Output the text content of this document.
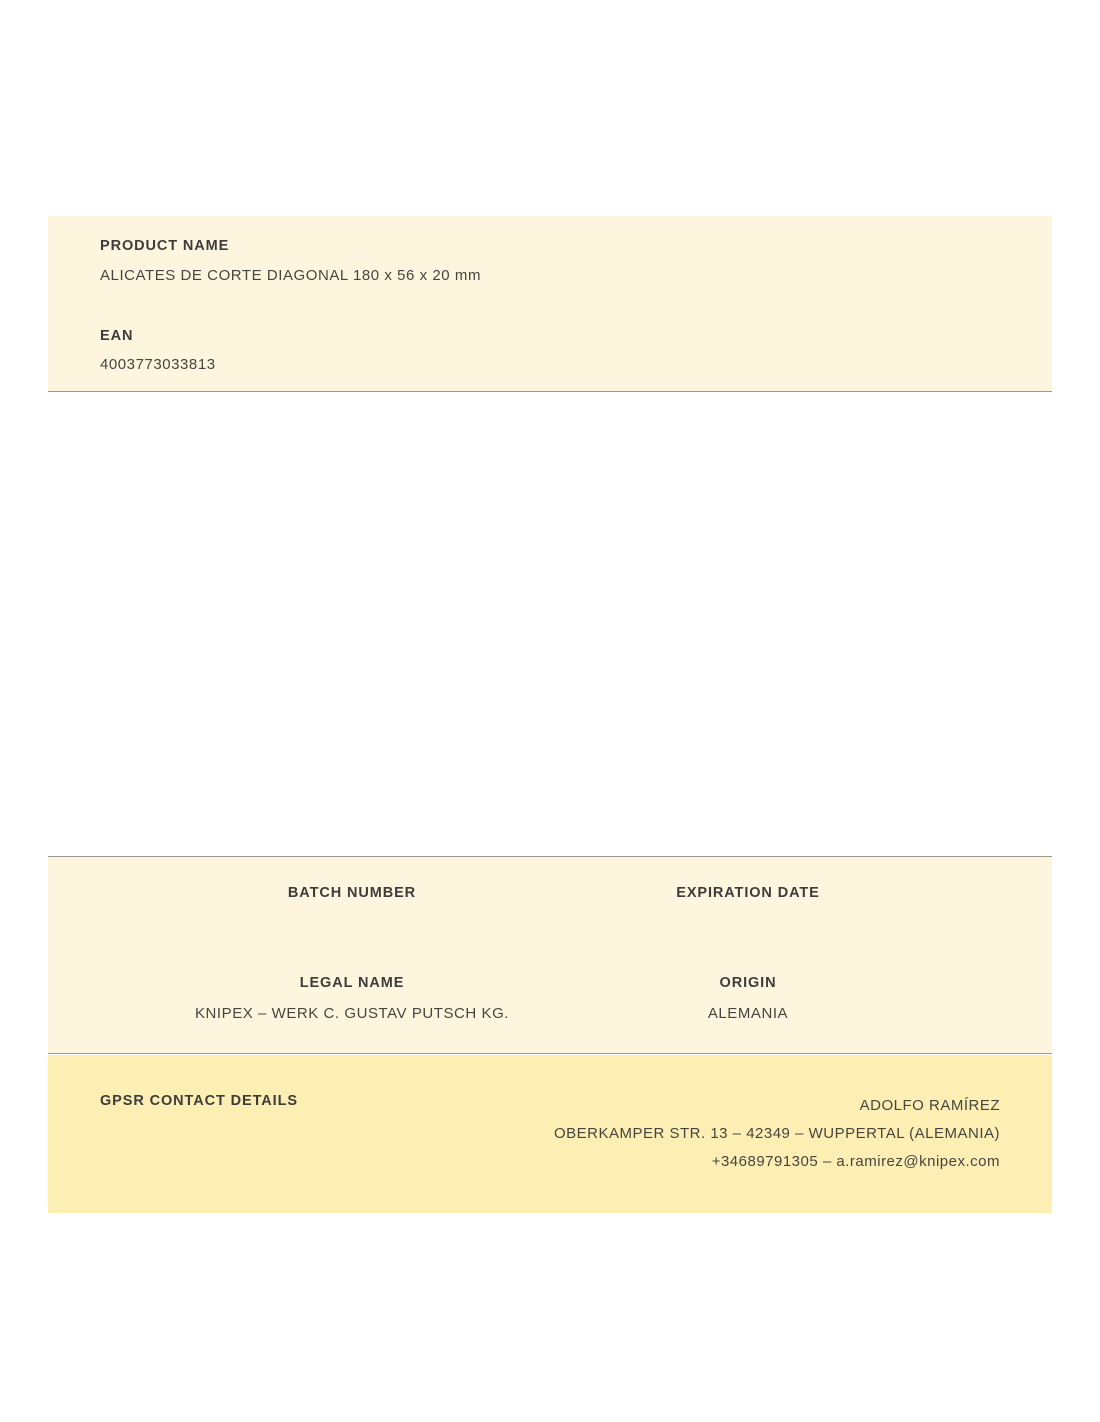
PRODUCT NAME
ALICATES DE CORTE DIAGONAL 180 x 56 x 20 mm
EAN
4003773033813
BATCH NUMBER	EXPIRATION DATE
LEGAL NAME
KNIPEX – WERK C. GUSTAV PUTSCH KG.
ORIGIN
ALEMANIA
GPSR CONTACT DETAILS	ADOLFO RAMÍREZ
OBERKAMPER STR. 13 – 42349 – WUPPERTAL (ALEMANIA)
+34689791305 – a.ramirez@knipex.com
